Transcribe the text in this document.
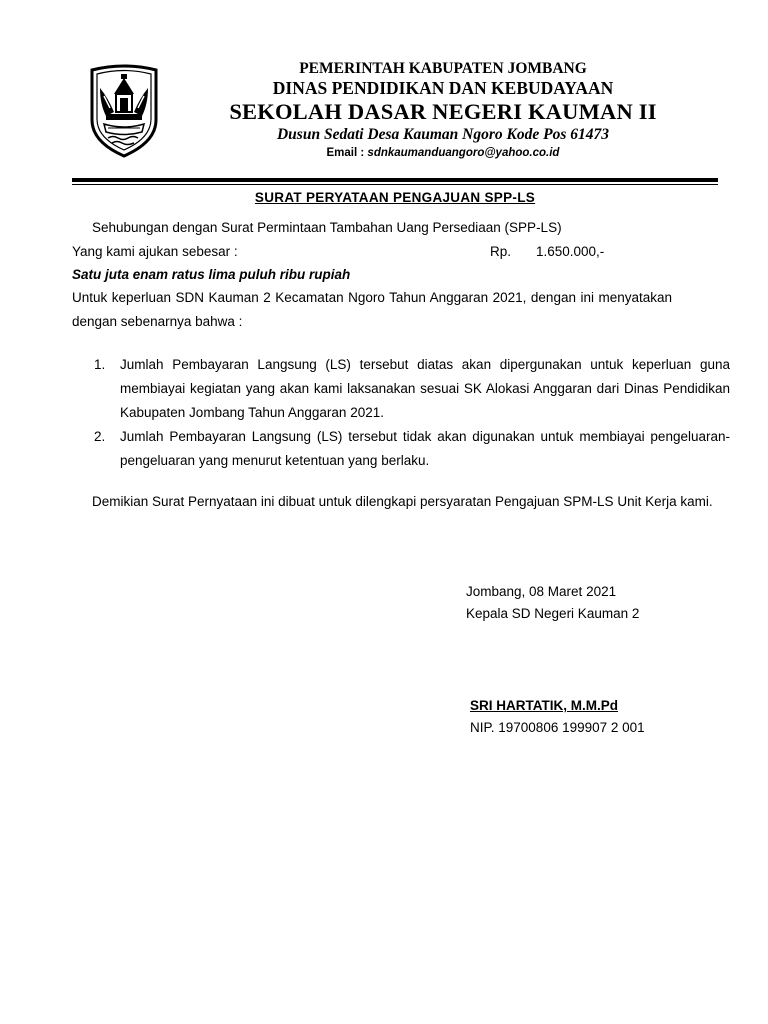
PEMERINTAH KABUPATEN JOMBANG
DINAS PENDIDIKAN DAN KEBUDAYAAN
SEKOLAH DASAR NEGERI KAUMAN II
Dusun Sedati Desa Kauman Ngoro Kode Pos 61473
Email : sdnkaumanduangoro@yahoo.co.id
SURAT PERYATAAN PENGAJUAN SPP-LS
Sehubungan dengan Surat Permintaan Tambahan Uang Persediaan (SPP-LS)
Yang kami ajukan sebesar :	Rp. 1.650.000,-
Satu juta enam ratus lima puluh ribu rupiah
Untuk keperluan SDN Kauman 2 Kecamatan Ngoro Tahun Anggaran 2021, dengan ini menyatakan dengan sebenarnya bahwa :
1. Jumlah Pembayaran Langsung (LS) tersebut diatas akan dipergunakan untuk keperluan guna membiayai kegiatan yang akan kami laksanakan sesuai SK Alokasi Anggaran dari Dinas Pendidikan Kabupaten Jombang Tahun Anggaran 2021.
2. Jumlah Pembayaran Langsung (LS) tersebut tidak akan digunakan untuk membiayai pengeluaran-pengeluaran yang menurut ketentuan yang berlaku.
Demikian Surat Pernyataan ini dibuat untuk dilengkapi persyaratan Pengajuan SPM-LS Unit Kerja kami.
Jombang, 08 Maret 2021
Kepala SD Negeri Kauman 2
SRI HARTATIK, M.M.Pd
NIP. 19700806 199907 2 001
